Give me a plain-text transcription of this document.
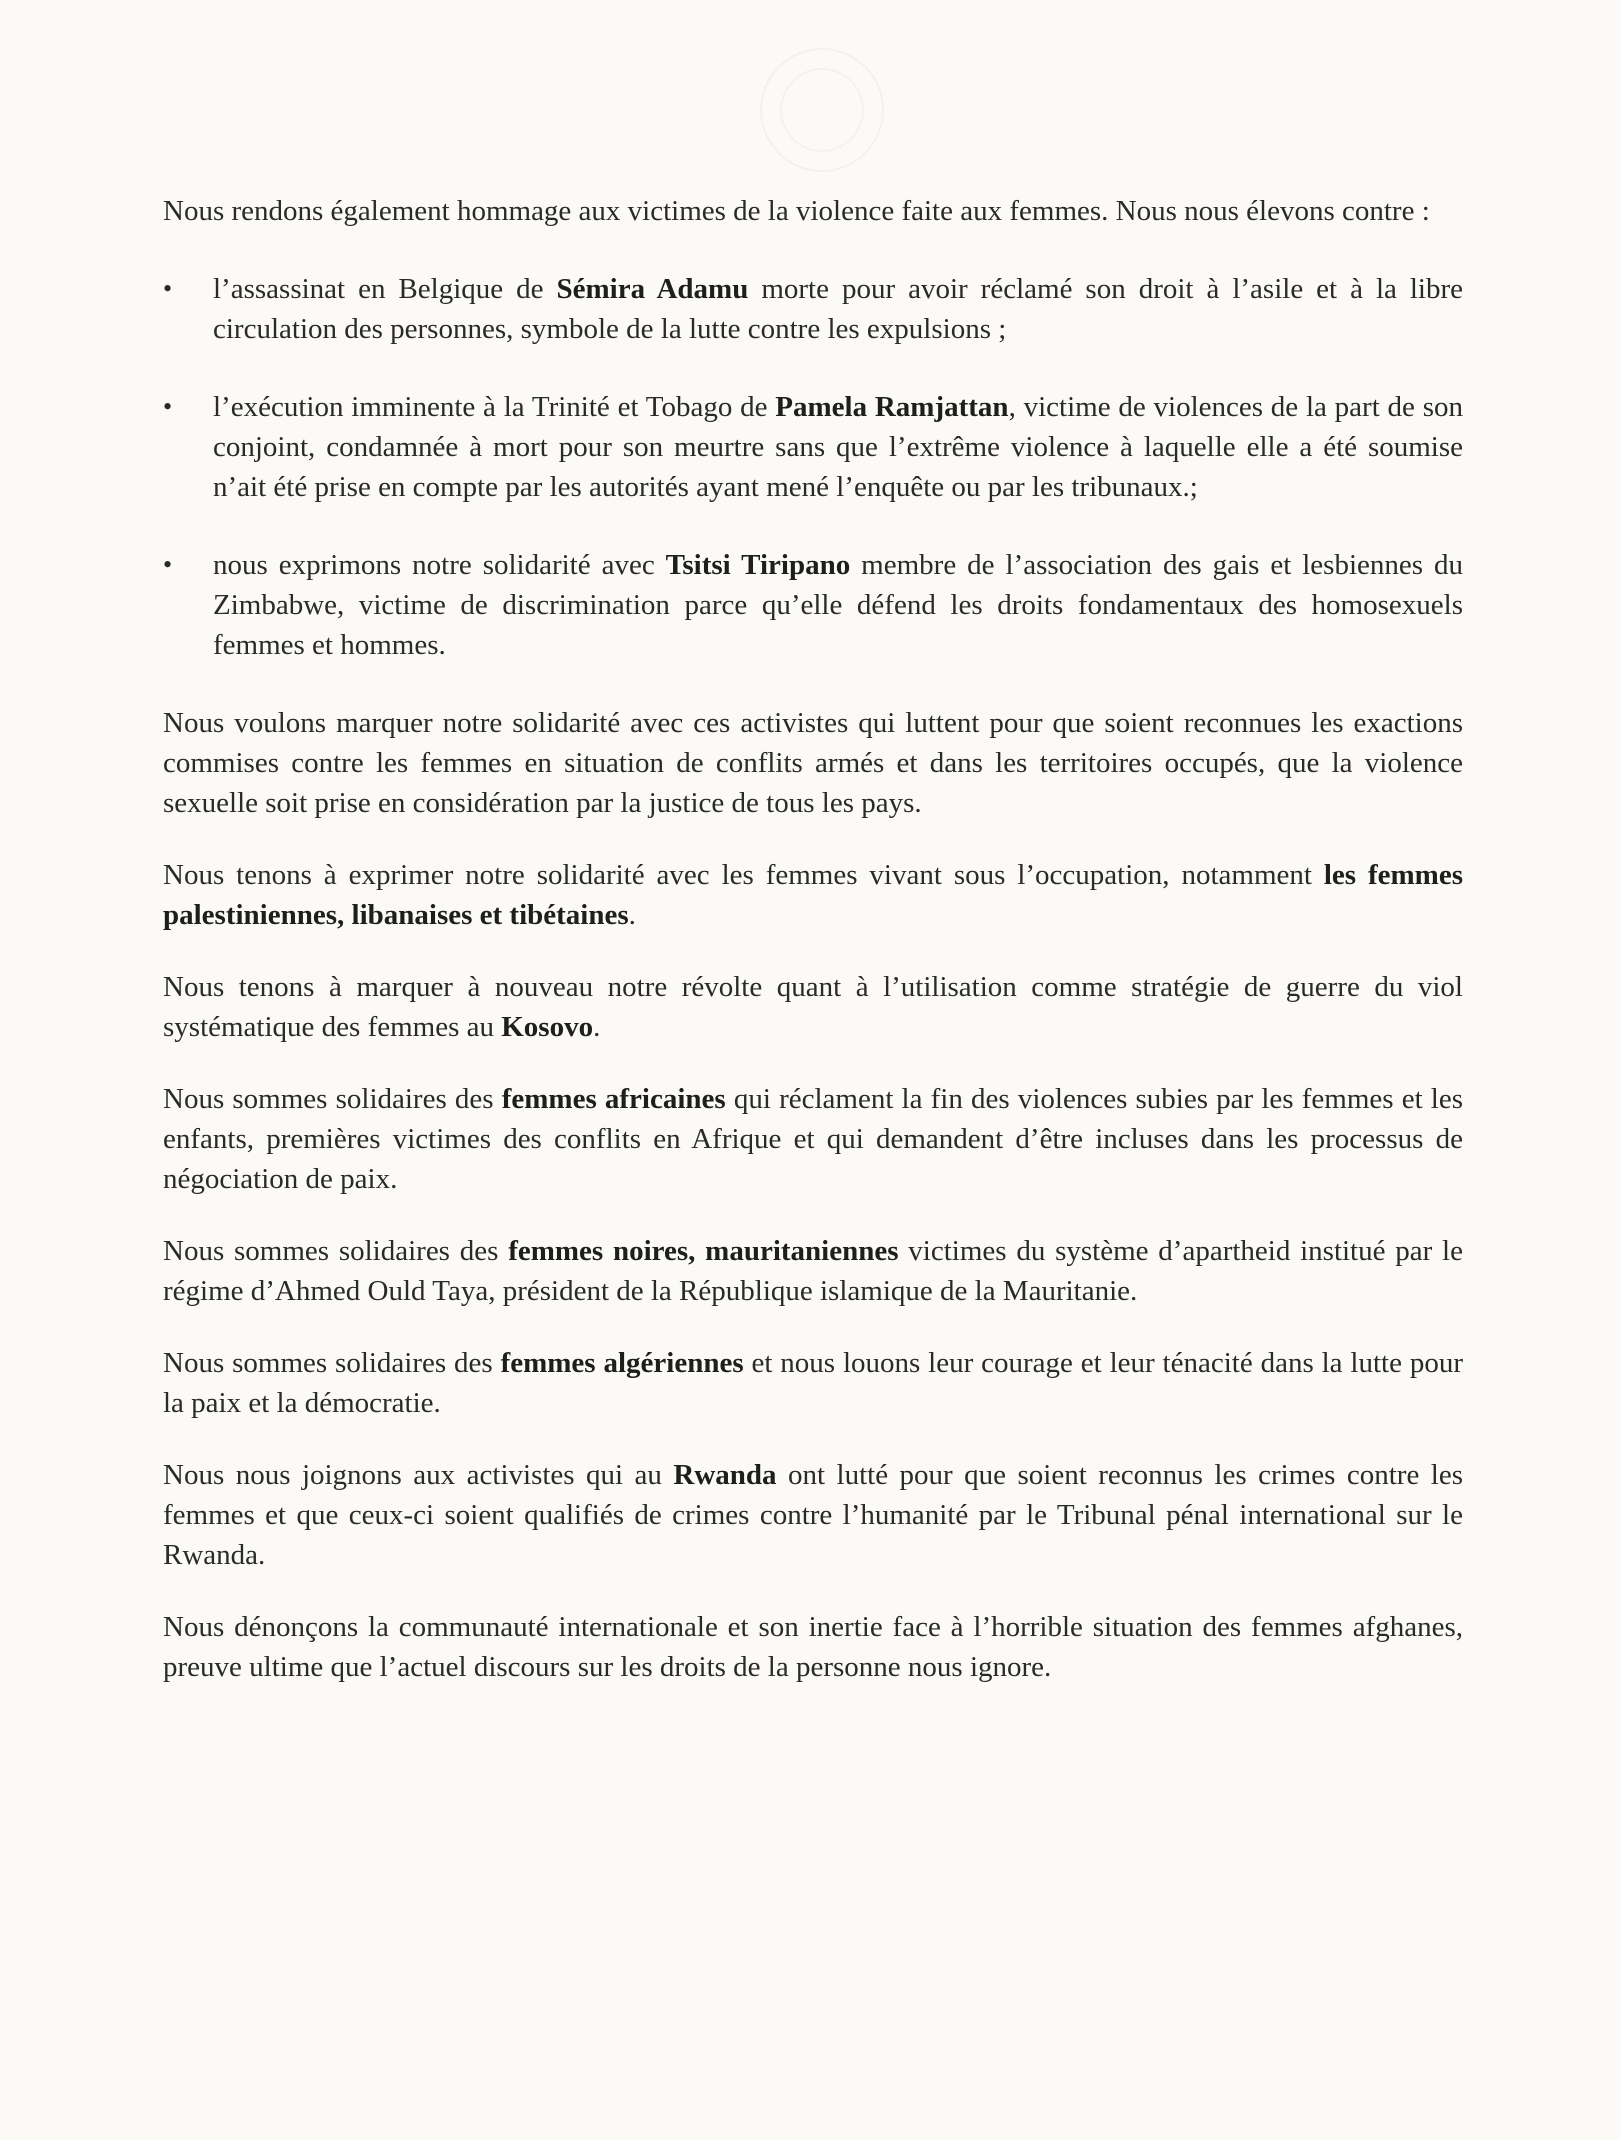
Nous rendons également hommage aux victimes de la violence faite aux femmes. Nous nous élevons contre :

• l’assassinat en Belgique de Sémira Adamu morte pour avoir réclamé son droit à l’asile et à la libre circulation des personnes, symbole de la lutte contre les expulsions ;
• l’exécution imminente à la Trinité et Tobago de Pamela Ramjattan, victime de violences de la part de son conjoint, condamnée à mort pour son meurtre sans que l’extrême violence à laquelle elle a été soumise n’ait été prise en compte par les autorités ayant mené l’enquête ou par les tribunaux.;
• nous exprimons notre solidarité avec Tsitsi Tiripano membre de l’association des gais et lesbiennes du Zimbabwe, victime de discrimination parce qu’elle défend les droits fondamentaux des homosexuels femmes et hommes.

Nous voulons marquer notre solidarité avec ces activistes qui luttent pour que soient reconnues les exactions commises contre les femmes en situation de conflits armés et dans les territoires occupés, que la violence sexuelle soit prise en considération par la justice de tous les pays.

Nous tenons à exprimer notre solidarité avec les femmes vivant sous l’occupation, notamment les femmes palestiniennes, libanaises et tibétaines.

Nous tenons à marquer à nouveau notre révolte quant à l’utilisation comme stratégie de guerre du viol systématique des femmes au Kosovo.

Nous sommes solidaires des femmes africaines qui réclament la fin des violences subies par les femmes et les enfants, premières victimes des conflits en Afrique et qui demandent d’être incluses dans les processus de négociation de paix.

Nous sommes solidaires des femmes noires, mauritaniennes victimes du système d’apartheid institué par le régime d’Ahmed Ould Taya, président de la République islamique de la Mauritanie.

Nous sommes solidaires des femmes algériennes et nous louons leur courage et leur ténacité dans la lutte pour la paix et la démocratie.

Nous nous joignons aux activistes qui au Rwanda ont lutté pour que soient reconnus les crimes contre les femmes et que ceux-ci soient qualifiés de crimes contre l’humanité par le Tribunal pénal international sur le Rwanda.

Nous dénonçons la communauté internationale et son inertie face à l’horrible situation des femmes afghanes, preuve ultime que l’actuel discours sur les droits de la personne nous ignore.
